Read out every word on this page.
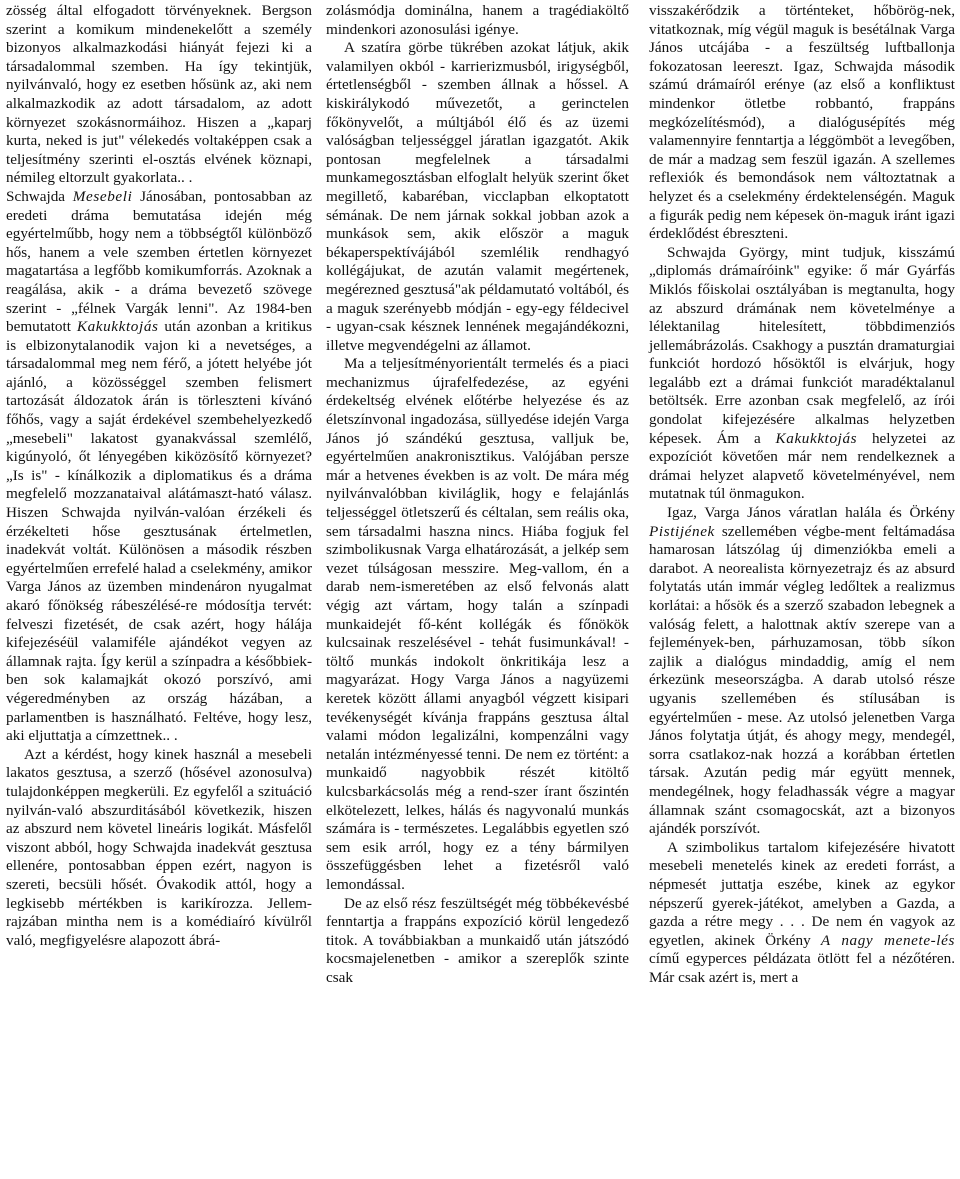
zösség által elfogadott törvényeknek. Bergson szerint a komikum mindenekelőtt a személy bizonyos alkalmazkodási hiányát fejezi ki a társadalommal szemben. Ha így tekintjük, nyilvánvaló, hogy ez esetben hősünk az, aki nem alkalmazkodik az adott társadalom, az adott környezet szokásnormáihoz. Hiszen a „kaparj kurta, neked is jut" vélekedés voltaképpen csak a teljesítmény szerinti el-osztás elvének köznapi, némileg eltorzult gyakorlata.. .

Schwajda Mesebeli Jánosában, pontosabban az eredeti dráma bemutatása idején még egyértelműbb, hogy nem a többségtől különböző hős, hanem a vele szemben értetlen környezet magatartása a legfőbb komikumforrás. Azoknak a reagálása, akik - a dráma bevezető szövege szerint - „félnek Vargák lenni". Az 1984-ben bemutatott Kakukktojás után azonban a kritikus is elbizonytalanodik vajon ki a nevetséges, a társadalommal meg nem férő, a jótett helyébe jót ajánló, a közösséggel szemben felismert tartozását áldozatok árán is törleszteni kívánó főhős, vagy a saját érdekével szembehelyezkedő „mesebeli" lakatost gyanakvással szemlélő, kigúnyoló, őt lényegében kiközösítő környezet? „Is is" - kínálkozik a diplomatikus és a dráma megfelelő mozzanataival alátámaszt-ható válasz. Hiszen Schwajda nyilván-valóan érzékeli és érzékelteti hőse gesztusának értelmetlen, inadekvát voltát. Különösen a második részben egyértelműen errefelé halad a cselekmény, amikor Varga János az üzemben mindenáron nyugalmat akaró főnökség rábeszélésé-re módosítja tervét: felveszi fizetését, de csak azért, hogy hálája kifejezéséül valamiféle ajándékot vegyen az államnak rajta. Így kerül a színpadra a későbbiek-ben sok kalamajkát okozó porszívó, ami végeredményben az ország házában, a parlamentben is használható. Feltéve, hogy lesz, aki eljuttatja a címzettnek.. .

Azt a kérdést, hogy kinek használ a mesebeli lakatos gesztusa, a szerző (hősével azonosulva) tulajdonképpen megkerüli. Ez egyfelől a szituáció nyilván-való abszurditásából következik, hiszen az abszurd nem követel lineáris logikát. Másfelől viszont abból, hogy Schwajda inadekvát gesztusa ellenére, pontosabban éppen ezért, nagyon is szereti, becsüli hősét. Óvakodik attól, hogy a legkisebb mértékben is karikírozza. Jellem-rajzában mintha nem is a komédiaíró kívülről való, megfigyelésre alapozott ábrá-

zolásmódja dominálna, hanem a tragédiaköltő mindenkori azonosulási igénye.

A szatíra görbe tükrében azokat látjuk, akik valamilyen okból - karrierizmusból, irigységből, értetlenségből - szemben állnak a hőssel. A kiskirálykodó művezetőt, a gerinctelen főkönyvelőt, a múltjából élő és az üzemi valóságban teljességgel járatlan igazgatót. Akik pontosan megfelelnek a társadalmi munkamegosztásban elfoglalt helyük szerint őket megillető, kabaréban, vicclapban elkoptatott sémának. De nem járnak sokkal jobban azok a munkások sem, akik először a maguk békaperspektívájából szemlélik rendhagyó kollégájukat, de azután valamit megértenek, megérezned gesztusá"ak példamutató voltából, és a maguk szerényebb módján - egy-egy féldecivel - ugyan-csak késznek lennének megajándékozni, illetve megvendégelni az államot.

Ma a teljesítményorientált termelés és a piaci mechanizmus újrafelfedezése, az egyéni érdekeltség elvének előtérbe helyezése és az életszínvonal ingadozása, süllyedése idején Varga János jó szándékú gesztusa, valljuk be, egyértelműen anakronisztikus. Valójában persze már a hetvenes években is az volt. De mára még nyilvánvalóbban kiviláglik, hogy e felajánlás teljességgel ötletszerű és céltalan, sem reális oka, sem társadalmi haszna nincs. Hiába fogjuk fel szimbolikusnak Varga elhatározását, a jelkép sem vezet túlságosan messzire. Meg-vallom, én a darab nem-ismeretében az első felvonás alatt végig azt vártam, hogy talán a színpadi munkaidejét fő-ként kollégák és főnökök kulcsainak reszelésével - tehát fusimunkával! - töltő munkás indokolt önkritikája lesz a magyarázat. Hogy Varga János a nagyüzemi keretek között állami anyagból végzett kisipari tevékenységét kívánja frappáns gesztusa által valami módon legalizálni, kompenzálni vagy netalán intézményessé tenni. De nem ez történt: a munkaidő nagyobbik részét kitöltő kulcsbarkácsolás még a rend-szer írant őszintén elkötelezett, lelkes, hálás és nagyvonalú munkás számára is - természetes. Legalábbis egyetlen szó sem esik arról, hogy ez a tény bármilyen összefüggésben lehet a fizetésről való lemondással.

De az első rész feszültségét még többékevésbé fenntartja a frappáns expozíció körül lengedező titok. A továbbiakban a munkaidő után játszódó kocsmajelenetben - amikor a szereplők szinte csak

visszakérődzik a történteket, hőbörög-nek, vitatkoznak, míg végül maguk is besétálnak Varga János utcájába - a feszültség luftballonja fokozatosan leereszt. Igaz, Schwajda második számú drámaíról erénye (az első a konfliktust mindenkor ötletbe robbantó, frappáns megkózelítésmód), a dialógusépítés még valamennyire fenntartja a léggömböt a levegőben, de már a madzag sem feszül igazán. A szellemes reflexiók és bemondások nem változtatnak a helyzet és a cselekmény érdektelenségén. Maguk a figurák pedig nem képesek ön-maguk iránt igazi érdeklődést ébreszteni.

Schwajda György, mint tudjuk, kisszámú „diplomás drámaíróink" egyike: ő már Gyárfás Miklós főiskolai osztályában is megtanulta, hogy az abszurd drámának nem követelménye a lélektanilag hitelesített, többdimenziós jellemábrázolás. Csakhogy a pusztán dramaturgiai funkciót hordozó hősöktől is elvárjuk, hogy legalább ezt a drámai funkciót maradéktalanul betöltsék. Erre azonban csak megfelelő, az írói gondolat kifejezésére alkalmas helyzetben képesek. Ám a Kakukktojás helyzetei az expozíciót követően már nem rendelkeznek a drámai helyzet alapvető követelményével, nem mutatnak túl önmagukon.

Igaz, Varga János váratlan halála és Örkény Pistijének szellemében végbe-ment feltámadása hamarosan látszólag új dimenziókba emeli a darabot. A neorealista környezetrajz és az absurd folytatás után immár végleg ledőltek a realizmus korlátai: a hősök és a szerző szabadon lebegnek a valóság felett, a halottnak aktív szerepe van a fejlemények-ben, párhuzamosan, több síkon zajlik a dialógus mindaddig, amíg el nem érkezünk meseországba. A darab utolsó része ugyanis szellemében és stílusában is egyértelműen - mese. Az utolsó jelenetben Varga János folytatja útját, és ahogy megy, mendegél, sorra csatlakoz-nak hozzá a korábban értetlen társak. Azután pedig már együtt mennek, mendegélnek, hogy feladhassák végre a magyar államnak szánt csomagocskát, azt a bizonyos ajándék porszívót.

A szimbolikus tartalom kifejezésére hivatott mesebeli menetelés kinek az eredeti forrást, a népmesét juttatja eszébe, kinek az egykor népszerű gyerek-játékot, amelyben a Gazda, a gazda a rétre megy . . . De nem én vagyok az egyetlen, akinek Örkény A nagy menete-lés című egyperces példázata ötlött fel a nézőtéren. Már csak azért is, mert a
